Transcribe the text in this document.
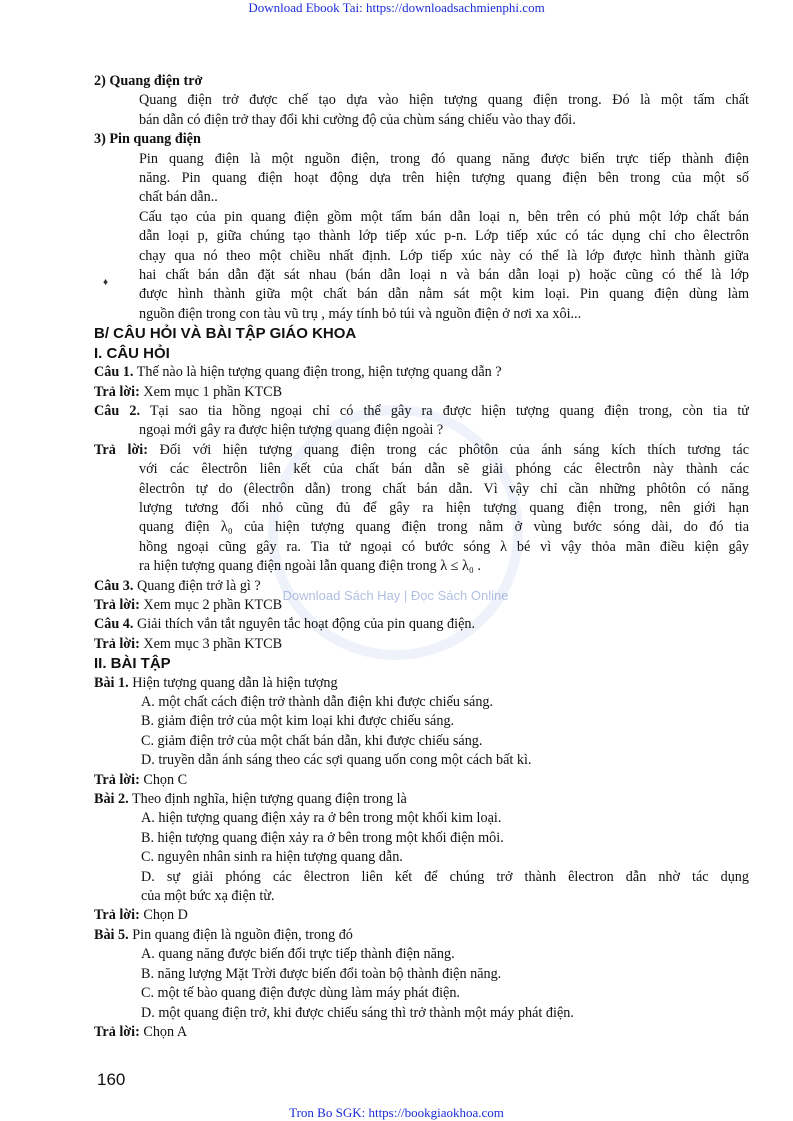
Download Ebook Tai: https://downloadsachmienphi.com
Download Sách Hay | Đọc Sách Online
♦
2) Quang điện trở
Quang điện trở được chế tạo dựa vào hiện tượng quang điện trong. Đó là một tấm chất
bán dẫn có điện trở thay đổi khi cường độ của chùm sáng chiếu vào thay đổi.
3) Pin quang điện
Pin quang điện là một nguồn điện, trong đó quang năng được biến trực tiếp thành điện
năng. Pin quang điện hoạt động dựa trên hiện tượng quang điện bên trong của một số
chất bán dẫn..
Cấu tạo của pin quang điện gồm một tấm bán dẫn loại n, bên trên có phủ một lớp chất bán
dẫn loại p, giữa chúng tạo thành lớp tiếp xúc p-n. Lớp tiếp xúc có tác dụng chỉ cho êlectrôn
chạy qua nó theo một chiều nhất định. Lớp tiếp xúc này có thể là lớp được hình thành giữa
hai chất bán dẫn đặt sát nhau (bán dẫn loại n và bán dẫn loại p) hoặc cũng có thể là lớp
được hình thành giữa một chất bán dẫn nằm sát một kim loại. Pin quang điện dùng làm
nguồn điện trong con tàu vũ trụ , máy tính bỏ túi và nguồn điện ở nơi xa xôi...
B/ CÂU HỎI VÀ BÀI TẬP GIÁO KHOA
I. CÂU HỎI
Câu 1. Thế nào là hiện tượng quang điện trong, hiện tượng quang dẫn ?
Trả lời: Xem mục 1 phần KTCB
Câu 2. Tại sao tia hồng ngoại chỉ có thể gây ra được hiện tượng quang điện trong, còn tia tử
ngoại mới gây ra được hiện tượng quang điện ngoài ?
Trả lời: Đối với hiện tượng quang điện trong các phôtôn của ánh sáng kích thích tương tác
với các êlectrôn liên kết của chất bán dẫn sẽ giải phóng các êlectrôn này thành các
êlectrôn tự do (êlectrôn dẫn) trong chất bán dẫn. Vì vậy chỉ cần những phôtôn có năng
lượng tương đối nhỏ cũng đủ để gây ra hiện tượng quang điện trong, nên giới hạn
quang điện λ₀ của hiện tượng quang điện trong nằm ở vùng bước sóng dài, do đó tia
hồng ngoại cũng gây ra. Tia tử ngoại có bước sóng λ bé vì vậy thỏa mãn điều kiện gây
ra hiện tượng quang điện ngoài lẫn quang điện trong λ ≤ λ₀ .
Câu 3. Quang điện trở là gì ?
Trả lời: Xem mục 2 phần KTCB
Câu 4. Giải thích vắn tắt nguyên tắc hoạt động của pin quang điện.
Trả lời: Xem mục 3 phần KTCB
II. BÀI TẬP
Bài 1. Hiện tượng quang dẫn là hiện tượng
A. một chất cách điện trở thành dẫn điện khi được chiếu sáng.
B. giảm điện trở của một kim loại khi được chiếu sáng.
C. giảm điện trở của một chất bán dẫn, khi được chiếu sáng.
D. truyền dẫn ánh sáng theo các sợi quang uốn cong một cách bất kì.
Trả lời: Chọn C
Bài 2. Theo định nghĩa, hiện tượng quang điện trong là
A. hiện tượng quang điện xảy ra ở bên trong một khối kim loại.
B. hiện tượng quang điện xảy ra ở bên trong một khối điện môi.
C. nguyên nhân sinh ra hiện tượng quang dẫn.
D. sự giải phóng các êlectron liên kết để chúng trở thành êlectron dẫn nhờ tác dụng
của một bức xạ điện từ.
Trả lời: Chọn D
Bài 5. Pin quang điện là nguồn điện, trong đó
A. quang năng được biến đổi trực tiếp thành điện năng.
B. năng lượng Mặt Trời được biến đổi toàn bộ thành điện năng.
C. một tế bào quang điện được dùng làm máy phát điện.
D. một quang điện trở, khi được chiếu sáng thì trở thành một máy phát điện.
Trả lời: Chọn A
160
Tron Bo SGK: https://bookgiaokhoa.com
